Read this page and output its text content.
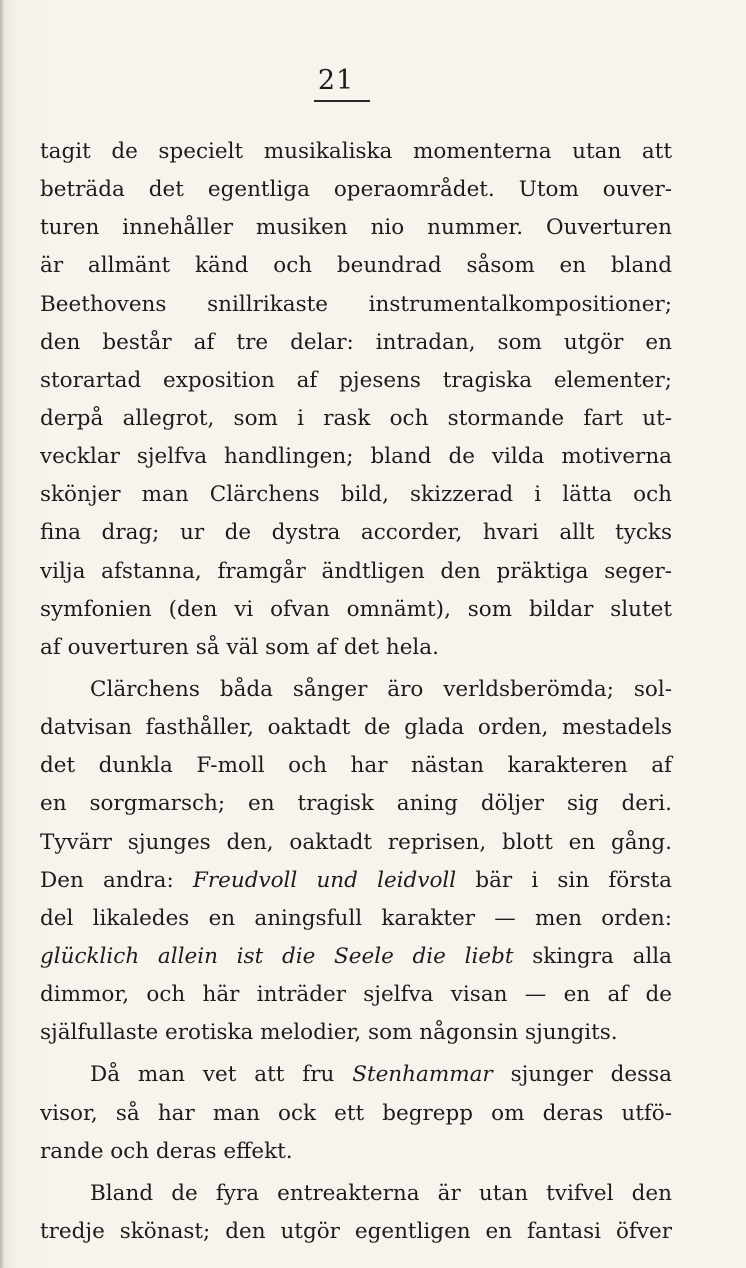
21
tagit de specielt musikaliska momenterna utan att
beträda det egentliga operaområdet. Utom ouver-
turen innehåller musiken nio nummer. Ouverturen
är allmänt känd och beundrad såsom en bland
Beethovens snillrikaste instrumentalkompositioner;
den består af tre delar: intradan, som utgör en
storartad exposition af pjesens tragiska elementer;
derpå allegrot, som i rask och stormande fart ut-
vecklar sjelfva handlingen; bland de vilda motiverna
skönjer man Clärchens bild, skizzerad i lätta och
fina drag; ur de dystra accorder, hvari allt tycks
vilja afstanna, framgår ändtligen den präktiga seger-
symfonien (den vi ofvan omnämt), som bildar slutet
af ouverturen så väl som af det hela.
Clärchens båda sånger äro verldsberömda; sol-
datvisan fasthåller, oaktadt de glada orden, mestadels
det dunkla F-moll och har nästan karakteren af
en sorgmarsch; en tragisk aning döljer sig deri.
Tyvärr sjunges den, oaktadt reprisen, blott en gång.
Den andra: Freudvoll und leidvoll bär i sin första
del likaledes en aningsfull karakter — men orden:
glücklich allein ist die Seele die liebt skingra alla
dimmor, och här inträder sjelfva visan — en af de
själfullaste erotiska melodier, som någonsin sjungits.
Då man vet att fru Stenhammar sjunger dessa
visor, så har man ock ett begrepp om deras utfö-
rande och deras effekt.
Bland de fyra entreakterna är utan tvifvel den
tredje skönast; den utgör egentligen en fantasi öfver
